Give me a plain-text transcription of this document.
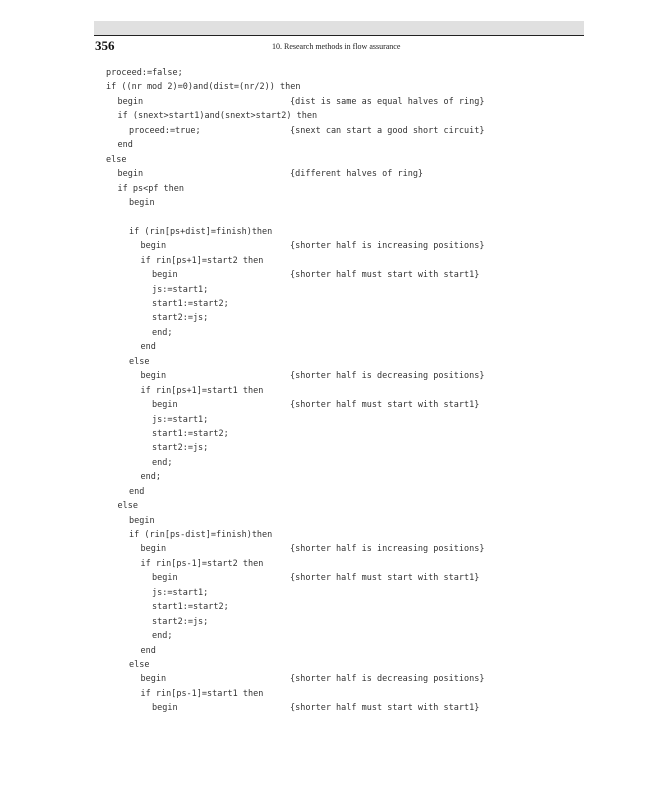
356	10. Research methods in flow assurance
proceed:=false;
if ((nr mod 2)=0)and(dist=(nr/2)) then
begin	{dist is same as equal halves of ring}
if (snext>start1)and(snext>start2) then
proceed:=true;	{snext can start a good short circuit}
end
else
begin	{different halves of ring}
if ps<pf then
begin
if (rin[ps+dist]=finish)then
begin	{shorter half is increasing positions}
if rin[ps+1]=start2 then
begin	{shorter half must start with start1}
js:=start1;
start1:=start2;
start2:=js;
end;
end
else
begin	{shorter half is decreasing positions}
if rin[ps+1]=start1 then
begin	{shorter half must start with start1}
js:=start1;
start1:=start2;
start2:=js;
end;
end;
end
else
begin
if (rin[ps-dist]=finish)then
begin	{shorter half is increasing positions}
if rin[ps-1]=start2 then
begin	{shorter half must start with start1}
js:=start1;
start1:=start2;
start2:=js;
end;
end
else
begin	{shorter half is decreasing positions}
if rin[ps-1]=start1 then
begin	{shorter half must start with start1}
